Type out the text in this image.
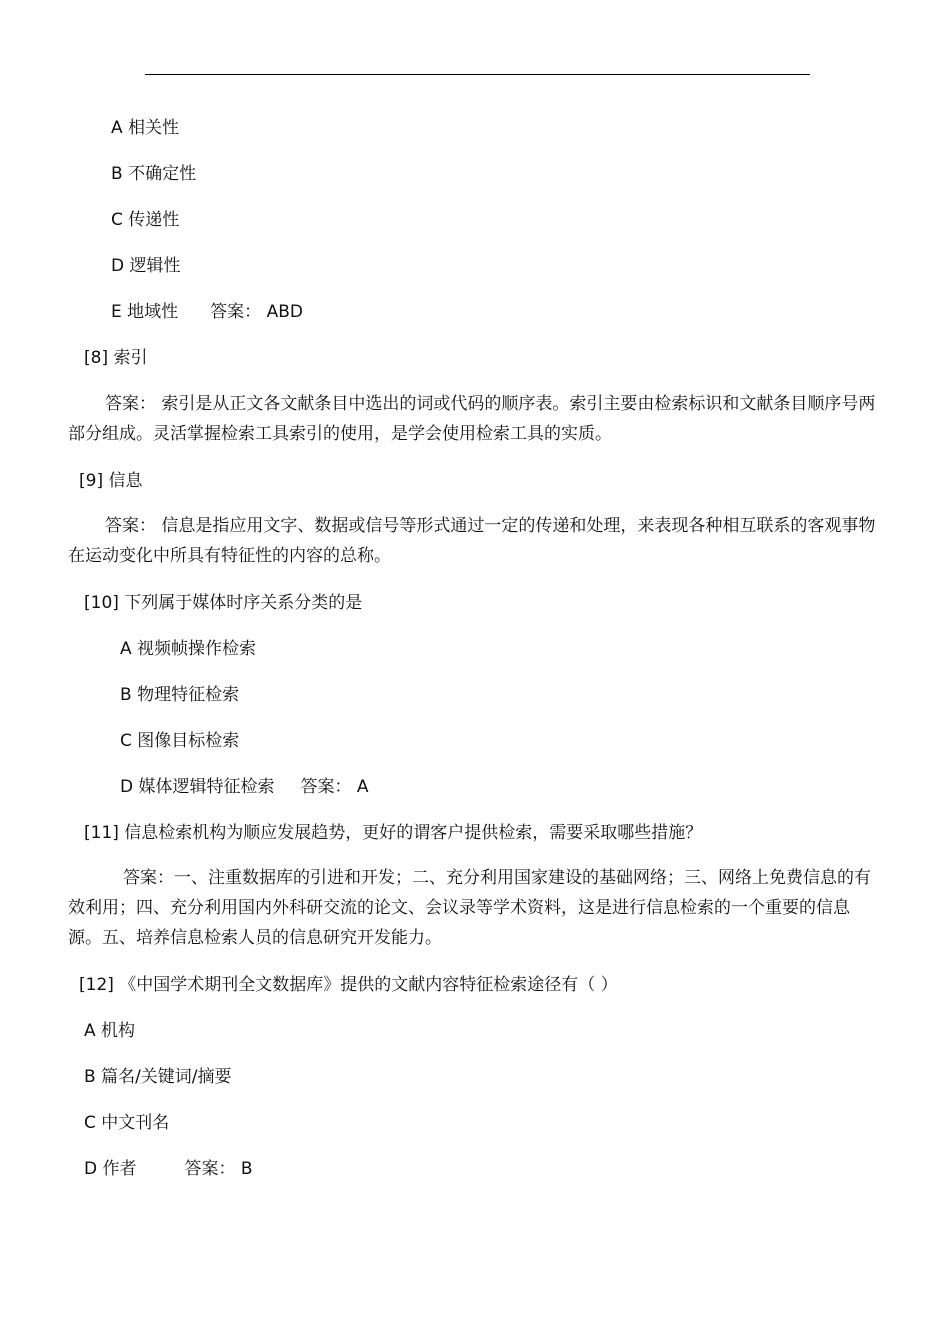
A 相关性
B 不确定性
C 传递性
D 逻辑性
E 地域性 答案： ABD
[8] 索引
答案： 索引是从正文各文献条目中选出的词或代码的顺序表。索引主要由检索标识和文献条目顺序号两部分组成。灵活掌握检索工具索引的使用，是学会使用检索工具的实质。
[9] 信息
答案： 信息是指应用文字、数据或信号等形式通过一定的传递和处理，来表现各种相互联系的客观事物在运动变化中所具有特征性的内容的总称。
[10] 下列属于媒体时序关系分类的是
A 视频帧操作检索
B 物理特征检索
C 图像目标检索
D 媒体逻辑特征检索 答案： A
[11] 信息检索机构为顺应发展趋势，更好的谓客户提供检索，需要采取哪些措施？
答案：一、注重数据库的引进和开发；二、充分利用国家建设的基础网络；三、网络上免费信息的有效利用；四、充分利用国内外科研交流的论文、会议录等学术资料，这是进行信息检索的一个重要的信息源。五、培养信息检索人员的信息研究开发能力。
[12] 《中国学术期刊全文数据库》提供的文献内容特征检索途径有（ ）
A 机构
B 篇名/关键词/摘要
C 中文刊名
D 作者	答案： B
